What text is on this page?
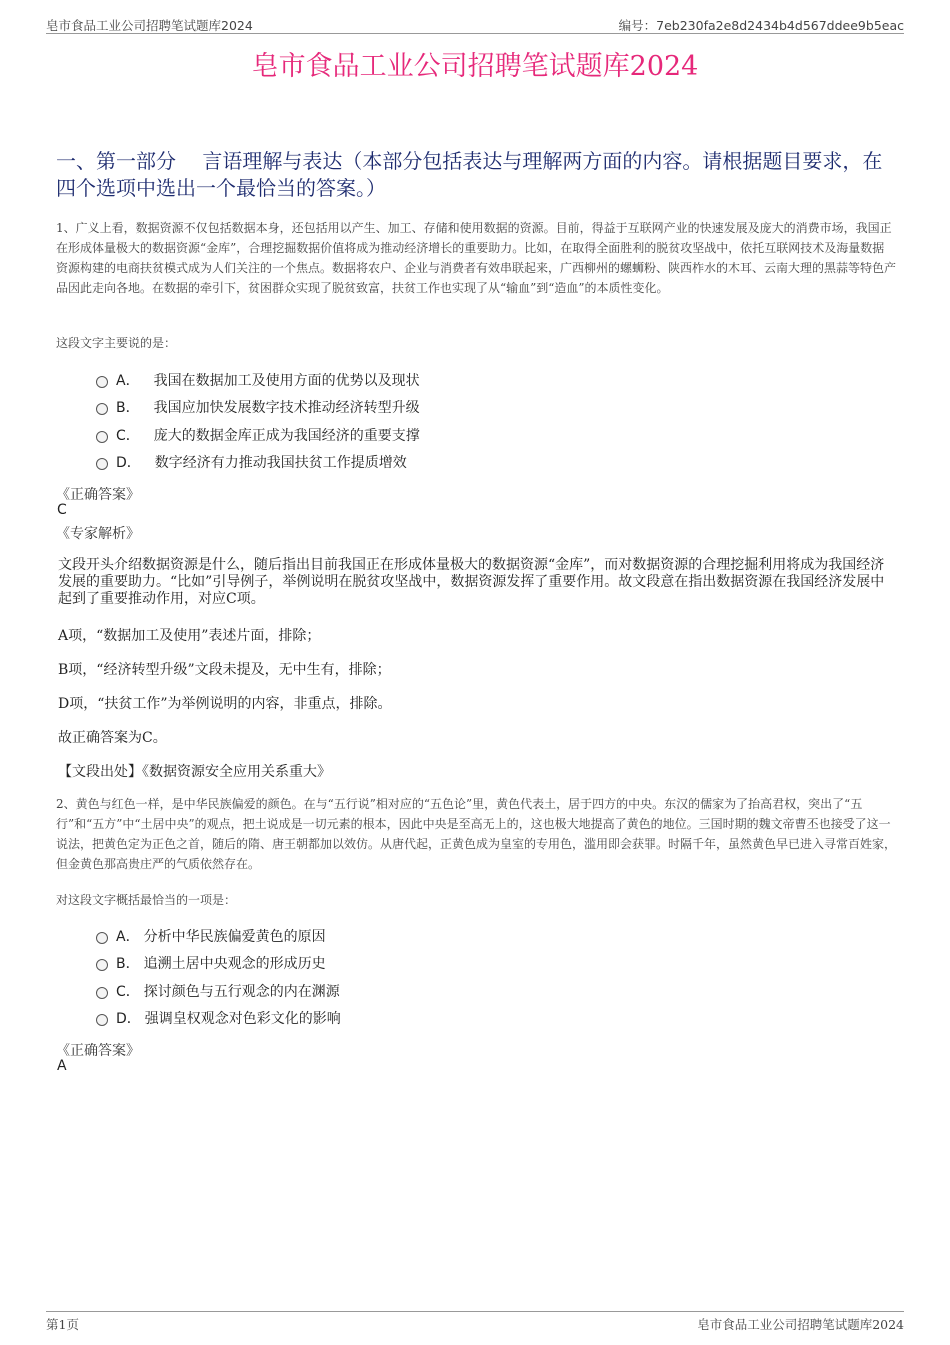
皂市食品工业公司招聘笔试题库2024	编号：7eb230fa2e8d2434b4d567ddee9b5eac
皂市食品工业公司招聘笔试题库2024
一、第一部分　 言语理解与表达（本部分包括表达与理解两方面的内容。请根据题目要求，在四个选项中选出一个最恰当的答案。）
1、广义上看，数据资源不仅包括数据本身，还包括用以产生、加工、存储和使用数据的资源。目前，得益于互联网产业的快速发展及庞大的消费市场，我国正在形成体量极大的数据资源“金库”，合理挖掘数据价值将成为推动经济增长的重要助力。比如，在取得全面胜利的脱贫攻坚战中，依托互联网技术及海量数据资源构建的电商扶贫模式成为人们关注的一个焦点。数据将农户、企业与消费者有效串联起来，广西柳州的螺蛳粉、陕西柞水的木耳、云南大理的黑蒜等特色产品因此走向各地。在数据的牵引下，贫困群众实现了脱贫致富，扶贫工作也实现了从“输血”到“造血”的本质性变化。
这段文字主要说的是：
A． 我国在数据加工及使用方面的优势以及现状
B． 我国应加快发展数字技术推动经济转型升级
C． 庞大的数据金库正成为我国经济的重要支撑
D． 数字经济有力推动我国扶贫工作提质增效
《正确答案》
C
《专家解析》
文段开头介绍数据资源是什么，随后指出目前我国正在形成体量极大的数据资源“金库”，而对数据资源的合理挖掘利用将成为我国经济发展的重要助力。“比如”引导例子，举例说明在脱贫攻坚战中，数据资源发挥了重要作用。故文段意在指出数据资源在我国经济发展中起到了重要推动作用，对应C项。
A项，“数据加工及使用”表述片面，排除；
B项，“经济转型升级”文段未提及，无中生有，排除；
D项，“扶贫工作”为举例说明的内容，非重点，排除。
故正确答案为C。
【文段出处】《数据资源安全应用关系重大》
2、黄色与红色一样，是中华民族偏爱的颜色。在与“五行说”相对应的“五色论”里，黄色代表土，居于四方的中央。东汉的儒家为了抬高君权，突出了“五行”和“五方”中“土居中央”的观点，把土说成是一切元素的根本，因此中央是至高无上的，这也极大地提高了黄色的地位。三国时期的魏文帝曹丕也接受了这一说法，把黄色定为正色之首，随后的隋、唐王朝都加以效仿。从唐代起，正黄色成为皇室的专用色，滥用即会获罪。时隔千年，虽然黄色早已进入寻常百姓家，但金黄色那高贵庄严的气质依然存在。
对这段文字概括最恰当的一项是：
A． 分析中华民族偏爱黄色的原因
B． 追溯土居中央观念的形成历史
C． 探讨颜色与五行观念的内在渊源
D． 强调皇权观念对色彩文化的影响
《正确答案》
A
第1页	皂市食品工业公司招聘笔试题库2024
